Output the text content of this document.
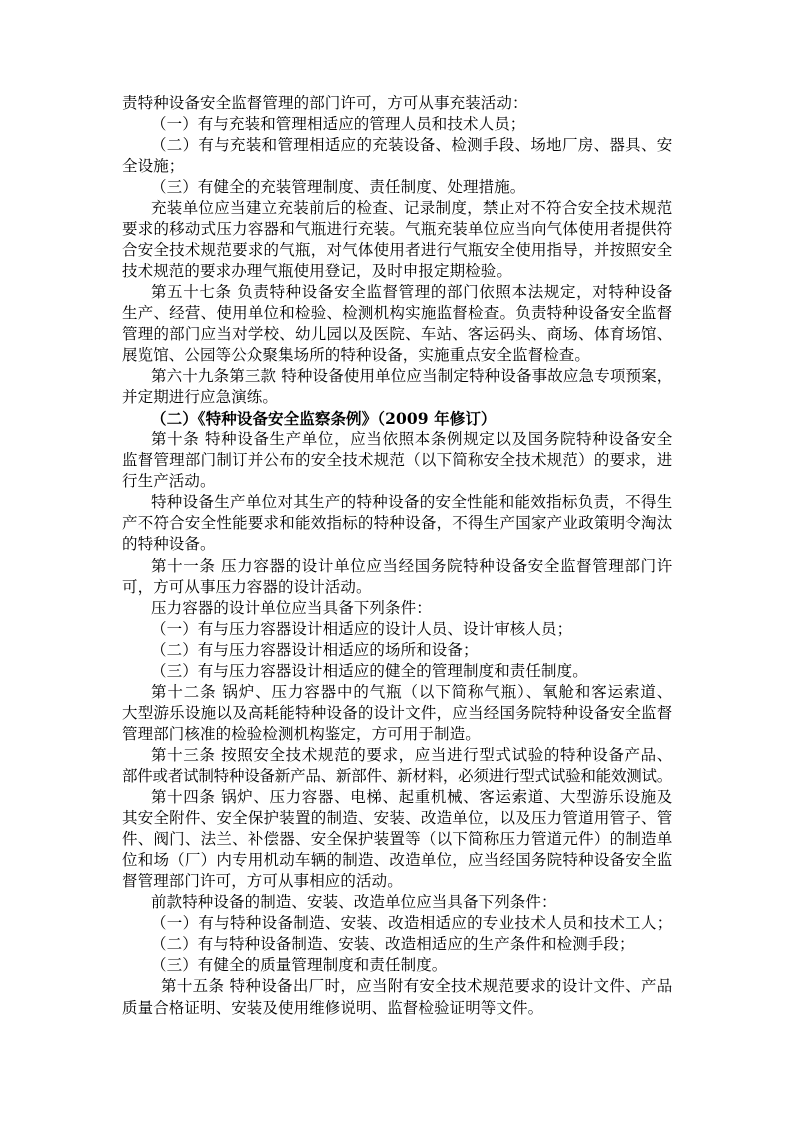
责特种设备安全监督管理的部门许可，方可从事充装活动：
（一）有与充装和管理相适应的管理人员和技术人员；
（二）有与充装和管理相适应的充装设备、检测手段、场地厂房、器具、安
全设施；
（三）有健全的充装管理制度、责任制度、处理措施。
充装单位应当建立充装前后的检查、记录制度，禁止对不符合安全技术规范
要求的移动式压力容器和气瓶进行充装。气瓶充装单位应当向气体使用者提供符
合安全技术规范要求的气瓶，对气体使用者进行气瓶安全使用指导，并按照安全
技术规范的要求办理气瓶使用登记，及时申报定期检验。
第五十七条 负责特种设备安全监督管理的部门依照本法规定，对特种设备
生产、经营、使用单位和检验、检测机构实施监督检查。负责特种设备安全监督
管理的部门应当对学校、幼儿园以及医院、车站、客运码头、商场、体育场馆、
展览馆、公园等公众聚集场所的特种设备，实施重点安全监督检查。
第六十九条第三款 特种设备使用单位应当制定特种设备事故应急专项预案，
并定期进行应急演练。
（二）《特种设备安全监察条例》（2009 年修订）
第十条 特种设备生产单位，应当依照本条例规定以及国务院特种设备安全
监督管理部门制订并公布的安全技术规范（以下简称安全技术规范）的要求，进
行生产活动。
特种设备生产单位对其生产的特种设备的安全性能和能效指标负责，不得生
产不符合安全性能要求和能效指标的特种设备，不得生产国家产业政策明令淘汰
的特种设备。
第十一条 压力容器的设计单位应当经国务院特种设备安全监督管理部门许
可，方可从事压力容器的设计活动。
压力容器的设计单位应当具备下列条件：
（一）有与压力容器设计相适应的设计人员、设计审核人员；
（二）有与压力容器设计相适应的场所和设备；
（三）有与压力容器设计相适应的健全的管理制度和责任制度。
第十二条 锅炉、压力容器中的气瓶（以下简称气瓶）、氧舱和客运索道、
大型游乐设施以及高耗能特种设备的设计文件，应当经国务院特种设备安全监督
管理部门核准的检验检测机构鉴定，方可用于制造。
第十三条 按照安全技术规范的要求，应当进行型式试验的特种设备产品、
部件或者试制特种设备新产品、新部件、新材料，必须进行型式试验和能效测试。
第十四条 锅炉、压力容器、电梯、起重机械、客运索道、大型游乐设施及
其安全附件、安全保护装置的制造、安装、改造单位，以及压力管道用管子、管
件、阀门、法兰、补偿器、安全保护装置等（以下简称压力管道元件）的制造单
位和场（厂）内专用机动车辆的制造、改造单位，应当经国务院特种设备安全监
督管理部门许可，方可从事相应的活动。
前款特种设备的制造、安装、改造单位应当具备下列条件：
（一）有与特种设备制造、安装、改造相适应的专业技术人员和技术工人；
（二）有与特种设备制造、安装、改造相适应的生产条件和检测手段；
（三）有健全的质量管理制度和责任制度。
第十五条 特种设备出厂时，应当附有安全技术规范要求的设计文件、产品
质量合格证明、安装及使用维修说明、监督检验证明等文件。
